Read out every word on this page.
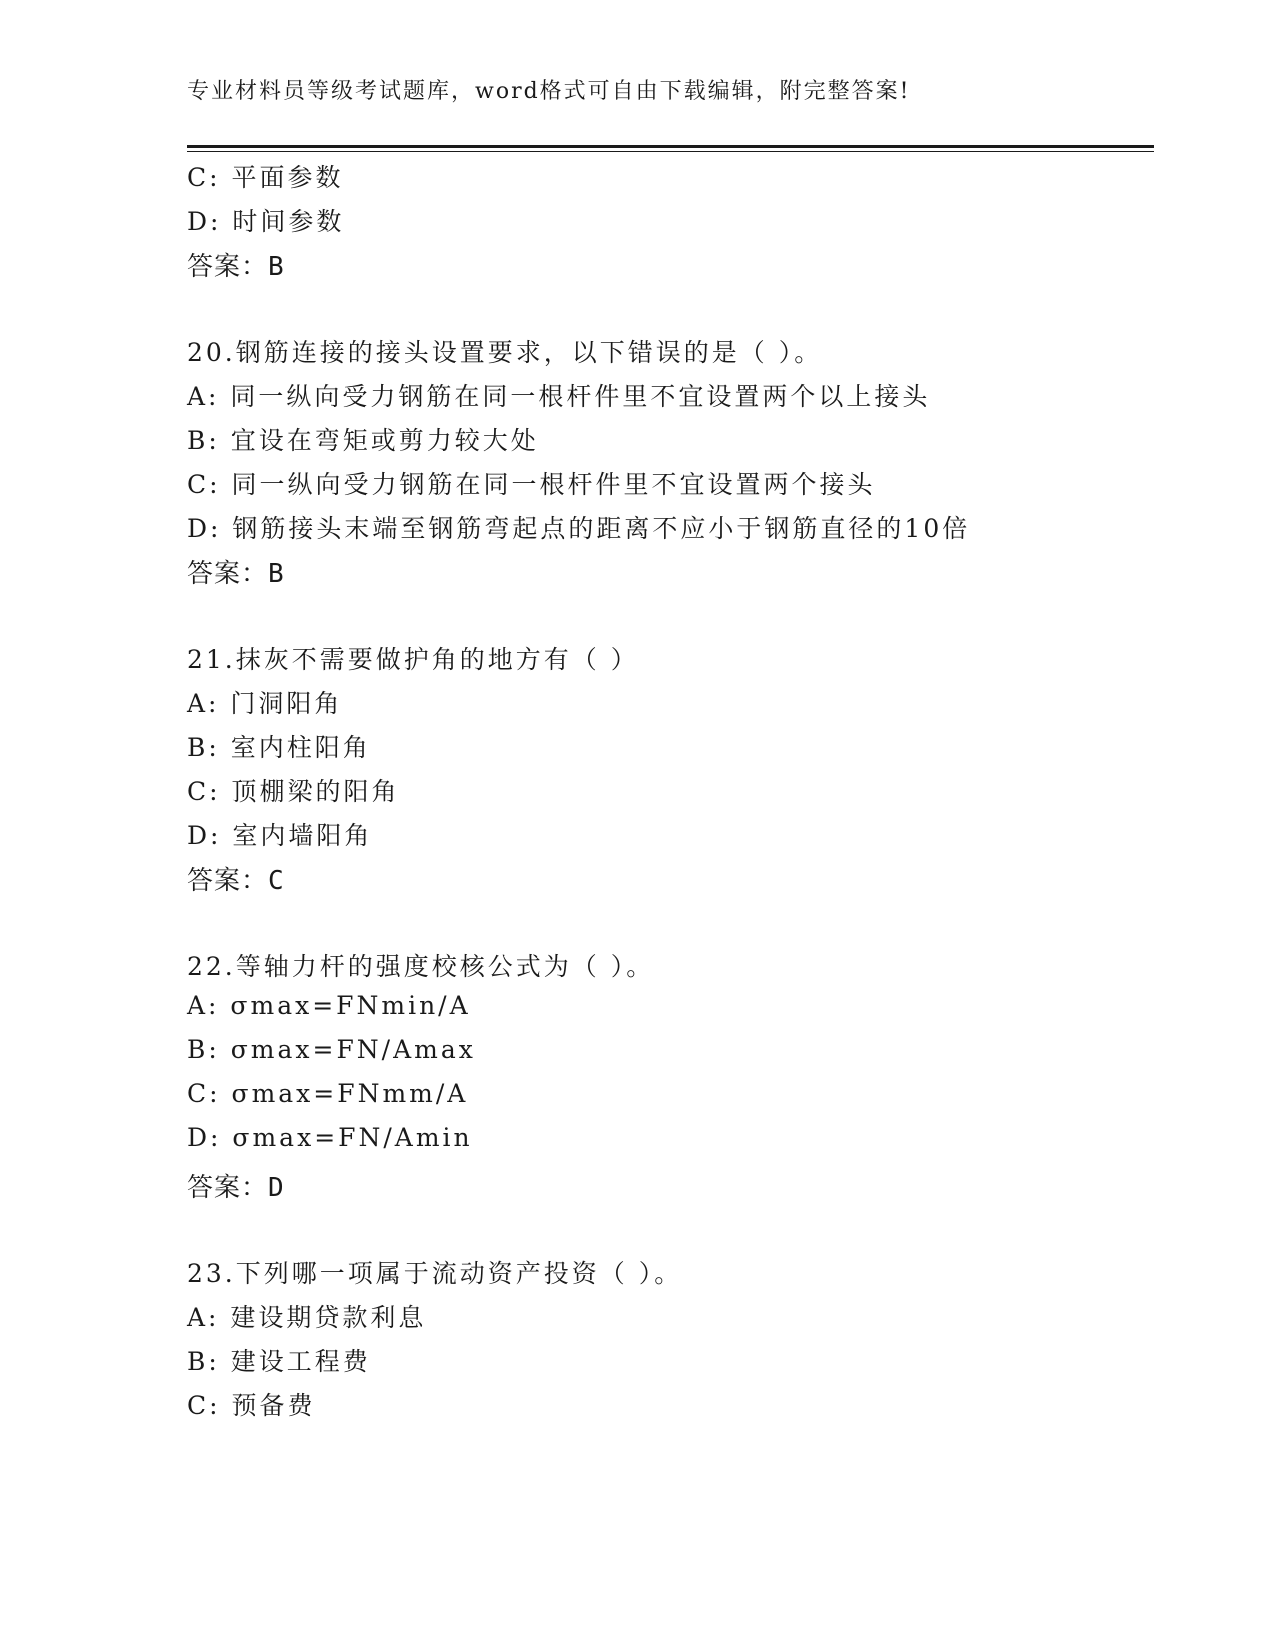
专业材料员等级考试题库，word格式可自由下载编辑，附完整答案!
C: 平面参数
D: 时间参数
答案：B
20.钢筋连接的接头设置要求，以下错误的是（ ）。
A: 同一纵向受力钢筋在同一根杆件里不宜设置两个以上接头
B: 宜设在弯矩或剪力较大处
C: 同一纵向受力钢筋在同一根杆件里不宜设置两个接头
D: 钢筋接头末端至钢筋弯起点的距离不应小于钢筋直径的10倍
答案：B
21.抹灰不需要做护角的地方有（ ）
A: 门洞阳角
B: 室内柱阳角
C: 顶棚梁的阳角
D: 室内墙阳角
答案：C
22.等轴力杆的强度校核公式为（ ）。
A: σmax=FNmin/A
B: σmax=FN/Amax
C: σmax=FNmm/A
D: σmax=FN/Amin
答案：D
23.下列哪一项属于流动资产投资（ ）。
A: 建设期贷款利息
B: 建设工程费
C: 预备费
